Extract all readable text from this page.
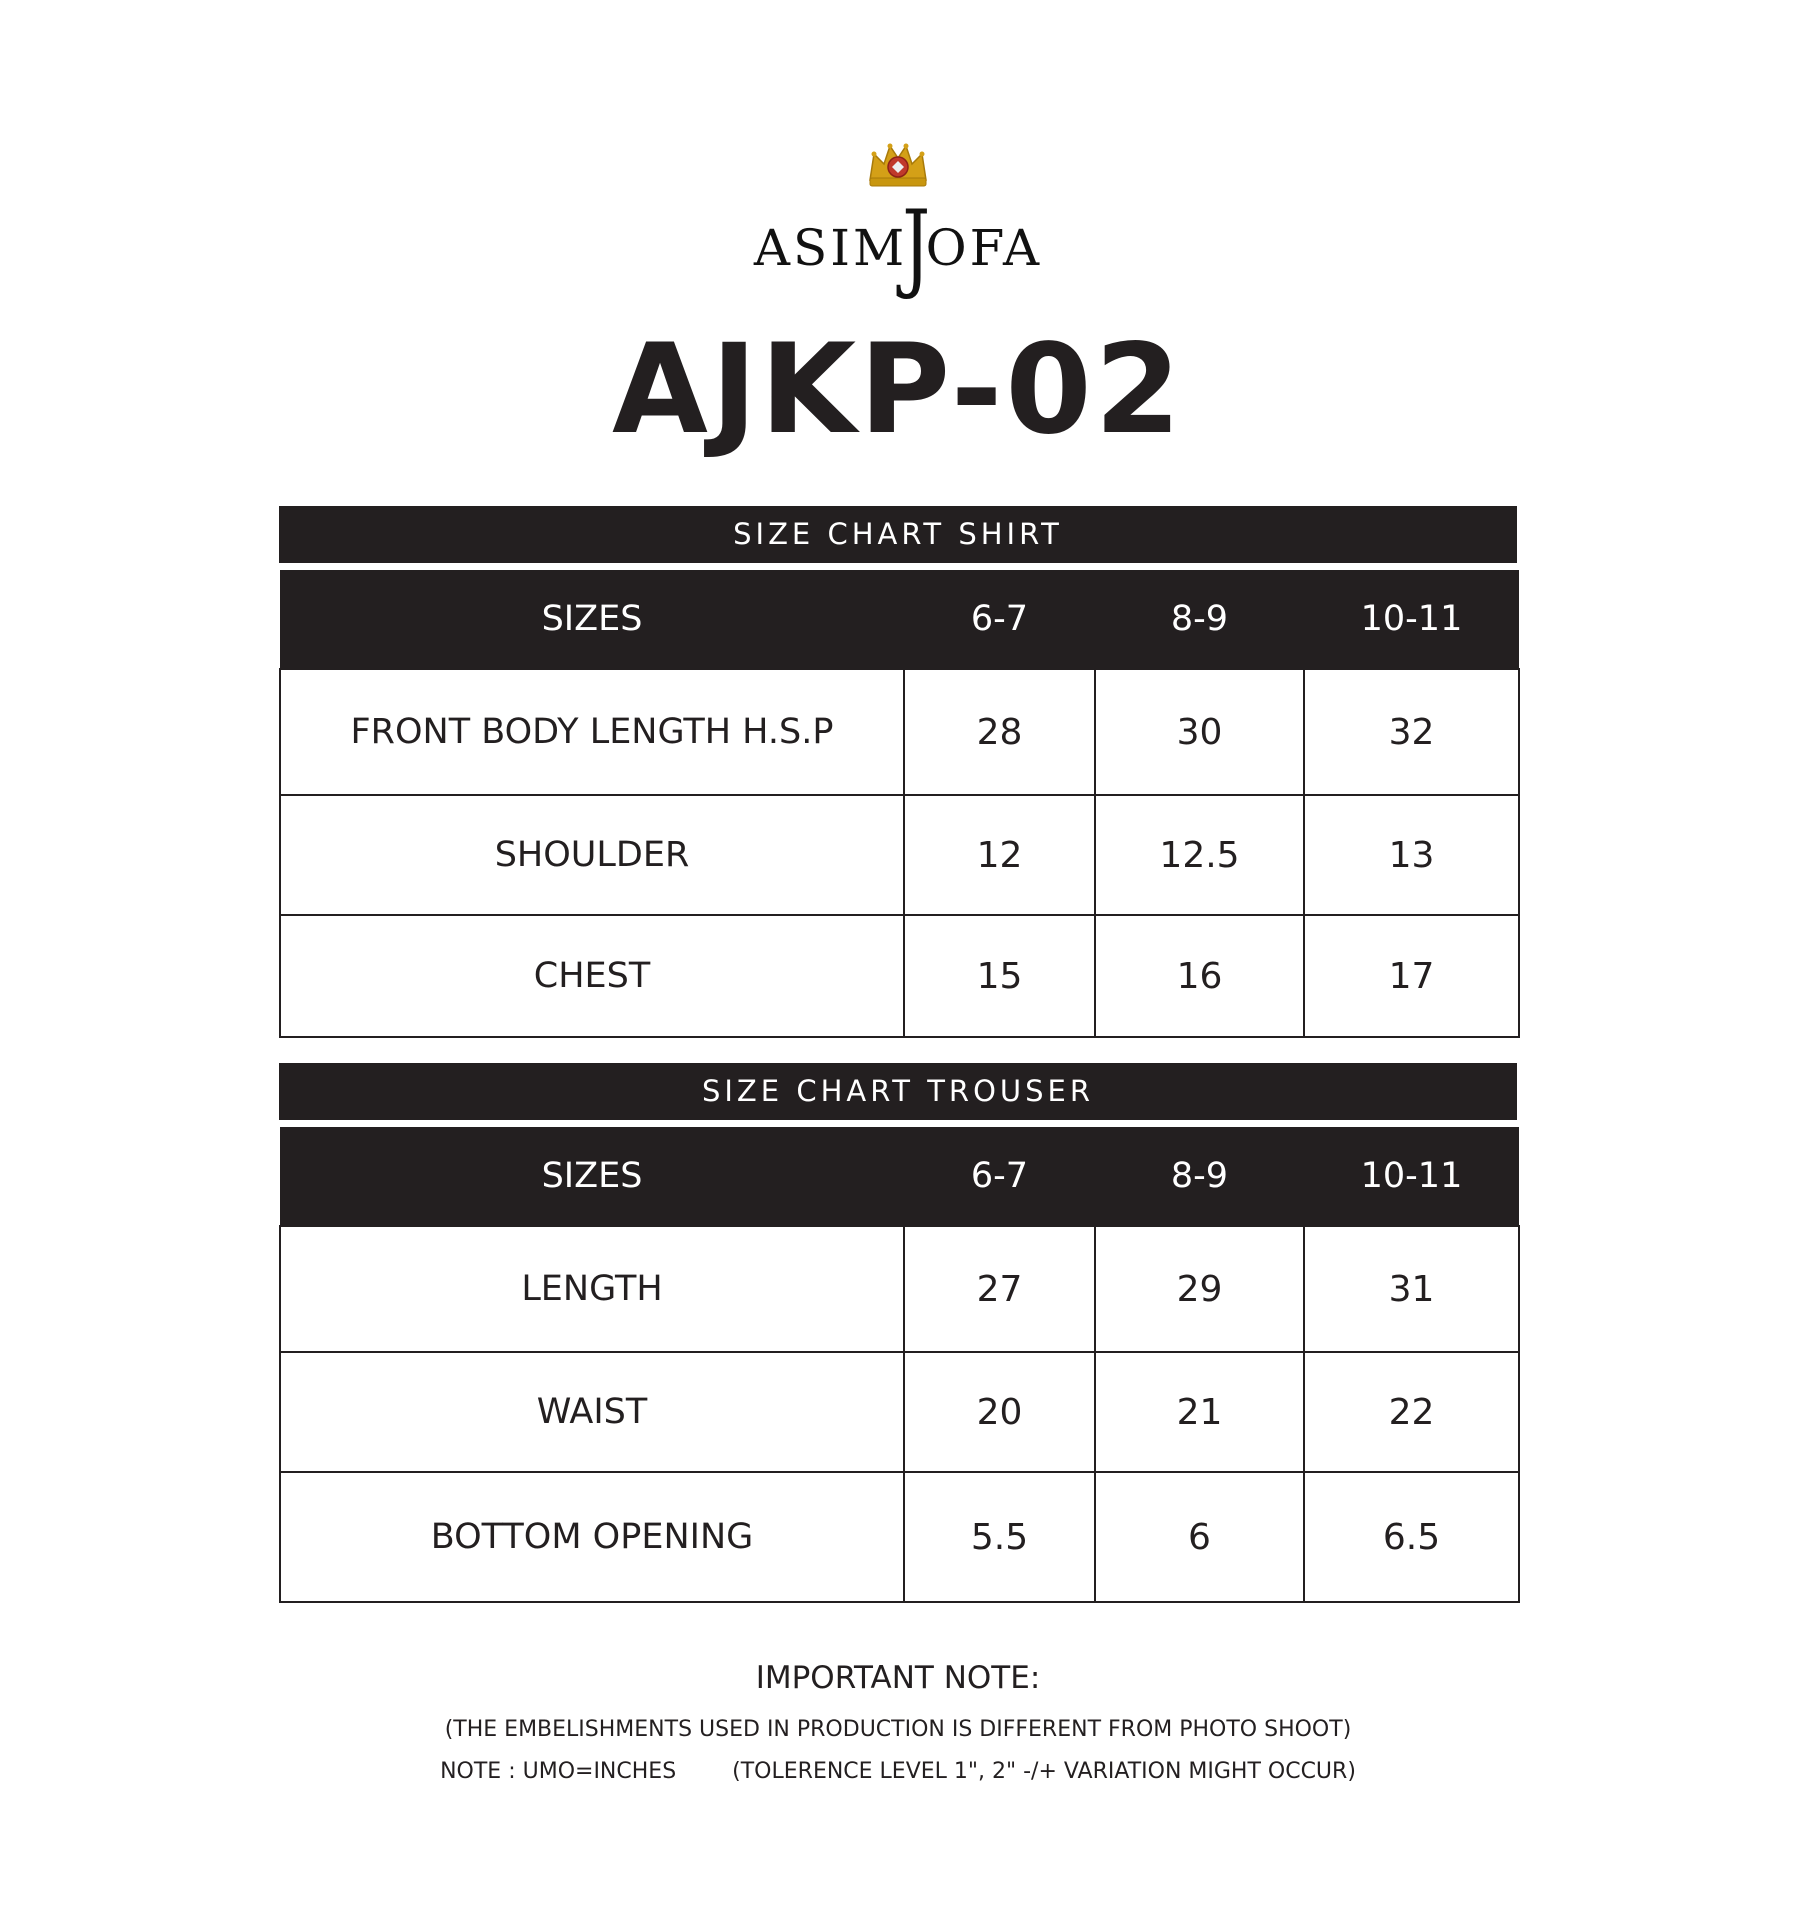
ASIMJOFA
AJKP-02
SIZE CHART SHIRT
SIZES	6-7	8-9	10-11
FRONT BODY LENGTH H.S.P	28	30	32
SHOULDER	12	12.5	13
CHEST	15	16	17
SIZE CHART TROUSER
SIZES	6-7	8-9	10-11
LENGTH	27	29	31
WAIST	20	21	22
BOTTOM OPENING	5.5	6	6.5
IMPORTANT NOTE:
(THE EMBELISHMENTS USED IN PRODUCTION IS DIFFERENT FROM PHOTO SHOOT)
NOTE : UMO=INCHES	(TOLERENCE LEVEL 1", 2" -/+ VARIATION MIGHT OCCUR)
